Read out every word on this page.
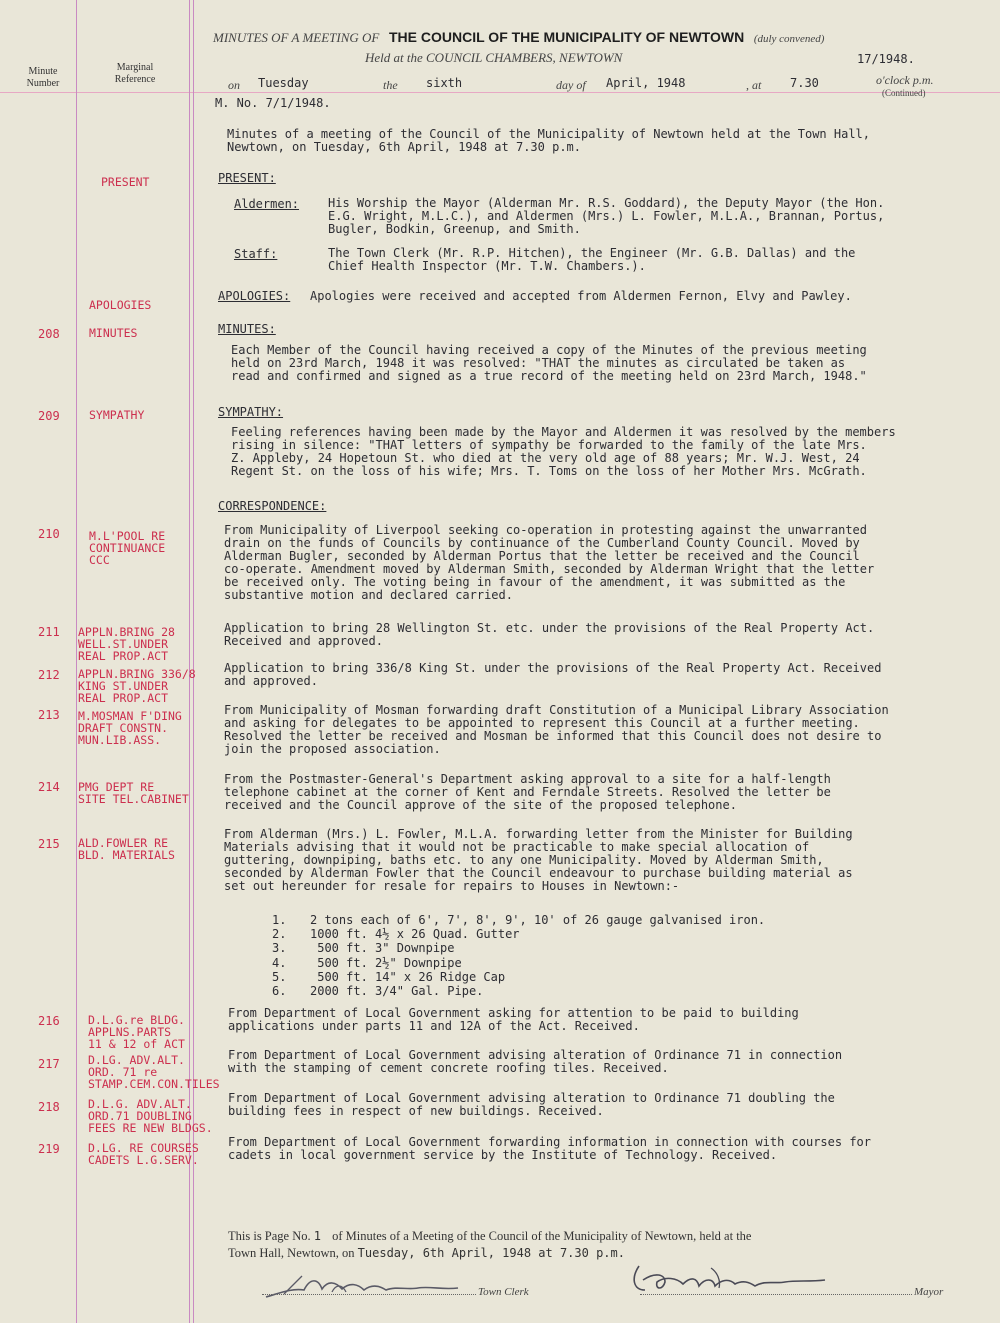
Minute
Number
Marginal
Reference
MINUTES OF A MEETING OF THE COUNCIL OF THE MUNICIPALITY OF NEWTOWN (duly convened)
Held at the COUNCIL CHAMBERS, NEWTOWN	17/1948.
on Tuesday	the sixth	day of April, 1948	, at 7.30	o'clock p.m.
(Continued)
M. No. 7/1/1948.
Minutes of a meeting of the Council of the Municipality of Newtown held at the Town Hall,
Newtown, on Tuesday, 6th April, 1948 at 7.30 p.m.
PRESENT	PRESENT:
Aldermen: His Worship the Mayor (Alderman Mr. R.S. Goddard), the Deputy Mayor (the Hon.
E.G. Wright, M.L.C.), and Aldermen (Mrs.) L. Fowler, M.L.A., Brannan, Portus,
Bugler, Bodkin, Greenup, and Smith.
Staff:	The Town Clerk (Mr. R.P. Hitchen), the Engineer (Mr. G.B. Dallas) and the
Chief Health Inspector (Mr. T.W. Chambers.).
APOLOGIES
APOLOGIES: Apologies were received and accepted from Aldermen Fernon, Elvy and Pawley.
208	MINUTES	MINUTES:
Each Member of the Council having received a copy of the Minutes of the previous meeting
held on 23rd March, 1948 it was resolved: "THAT the minutes as circulated be taken as
read and confirmed and signed as a true record of the meeting held on 23rd March, 1948."
209	SYMPATHY	SYMPATHY:
Feeling references having been made by the Mayor and Aldermen it was resolved by the members
rising in silence: "THAT letters of sympathy be forwarded to the family of the late Mrs.
Z. Appleby, 24 Hopetoun St. who died at the very old age of 88 years; Mr. W.J. West, 24
Regent St. on the loss of his wife; Mrs. T. Toms on the loss of her Mother Mrs. McGrath.
CORRESPONDENCE:
210	M.L'POOL RE
CONTINUANCE
CCC
From Municipality of Liverpool seeking co-operation in protesting against the unwarranted
drain on the funds of Councils by continuance of the Cumberland County Council. Moved by
Alderman Bugler, seconded by Alderman Portus that the letter be received and the Council
co-operate. Amendment moved by Alderman Smith, seconded by Alderman Wright that the letter
be received only. The voting being in favour of the amendment, it was submitted as the
substantive motion and declared carried.
211 APPLN.BRING 28
WELL.ST.UNDER
REAL PROP.ACT
Application to bring 28 Wellington St. etc. under the provisions of the Real Property Act.
Received and approved.
212 APPLN.BRING 336/8
KING ST.UNDER
REAL PROP.ACT
Application to bring 336/8 King St. under the provisions of the Real Property Act. Received
and approved.
213 M.MOSMAN F'DING
DRAFT CONSTN.
MUN.LIB.ASS.
From Municipality of Mosman forwarding draft Constitution of a Municipal Library Association
and asking for delegates to be appointed to represent this Council at a further meeting.
Resolved the letter be received and Mosman be informed that this Council does not desire to
join the proposed association.
214 PMG DEPT RE
SITE TEL.CABINET
From the Postmaster-General's Department asking approval to a site for a half-length
telephone cabinet at the corner of Kent and Ferndale Streets. Resolved the letter be
received and the Council approve of the site of the proposed telephone.
215 ALD.FOWLER RE
BLD. MATERIALS
From Alderman (Mrs.) L. Fowler, M.L.A. forwarding letter from the Minister for Building
Materials advising that it would not be practicable to make special allocation of
guttering, downpiping, baths etc. to any one Municipality. Moved by Alderman Smith,
seconded by Alderman Fowler that the Council endeavour to purchase building material as
set out hereunder for resale for repairs to Houses in Newtown:-
1. 2 tons each of 6', 7', 8', 9', 10' of 26 gauge galvanised iron.
2. 1000 ft. 4½ x 26 Quad. Gutter
3. 500 ft. 3" Downpipe
4. 500 ft. 2½" Downpipe
5. 500 ft. 14" x 26 Ridge Cap
6. 2000 ft. 3/4" Gal. Pipe.
216 D.L.G.re BLDG.
APPLNS.PARTS
11 & 12 of ACT
From Department of Local Government asking for attention to be paid to building
applications under parts 11 and 12A of the Act. Received.
217 D.LG. ADV.ALT.
ORD. 71 re
STAMP.CEM.CON.TILES
From Department of Local Government advising alteration of Ordinance 71 in connection
with the stamping of cement concrete roofing tiles. Received.
218 D.L.G. ADV.ALT.
ORD.71 DOUBLING
FEES RE NEW BLDGS.
From Department of Local Government advising alteration to Ordinance 71 doubling the
building fees in respect of new buildings. Received.
219 D.LG. RE COURSES
CADETS L.G.SERV.
From Department of Local Government forwarding information in connection with courses for
cadets in local government service by the Institute of Technology. Received.
This is Page No. 1 of Minutes of a Meeting of the Council of the Municipality of Newtown, held at the
Town Hall, Newtown, on Tuesday, 6th April, 1948 at 7.30 p.m.
Town Clerk	Mayor
